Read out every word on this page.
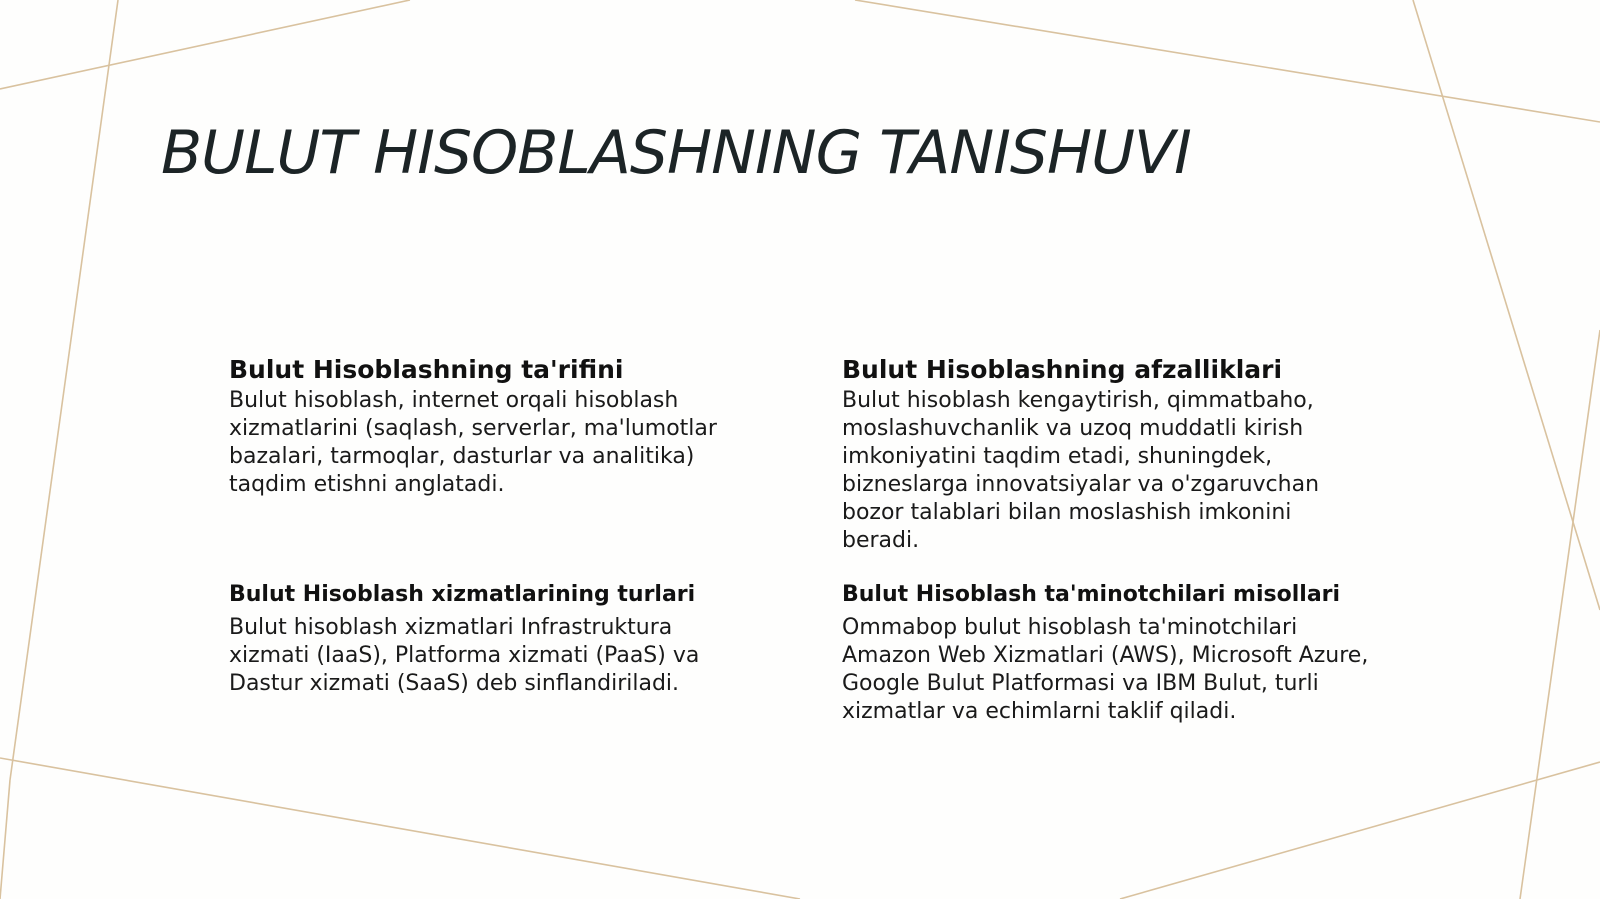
BULUT HISOBLASHNING TANISHUVI
Bulut Hisoblashning ta'rifini

Bulut hisoblash, internet orqali hisoblash xizmatlarini (saqlash, serverlar, ma'lumotlar bazalari, tarmoqlar, dasturlar va analitika) taqdim etishni anglatadi.

Bulut Hisoblashning afzalliklari

Bulut hisoblash kengaytirish, qimmatbaho, moslashuvchanlik va uzoq muddatli kirish imkoniyatini taqdim etadi, shuningdek, bizneslarga innovatsiyalar va o'zgaruvchan bozor talablari bilan moslashish imkonini beradi.

Bulut Hisoblash xizmatlarining turlari

Bulut hisoblash xizmatlari Infrastruktura xizmati (IaaS), Platforma xizmati (PaaS) va Dastur xizmati (SaaS) deb sinflandiriladi.

Bulut Hisoblash ta'minotchilari misollari

Ommabop bulut hisoblash ta'minotchilari Amazon Web Xizmatlari (AWS), Microsoft Azure, Google Bulut Platformasi va IBM Bulut, turli xizmatlar va echimlarni taklif qiladi.
